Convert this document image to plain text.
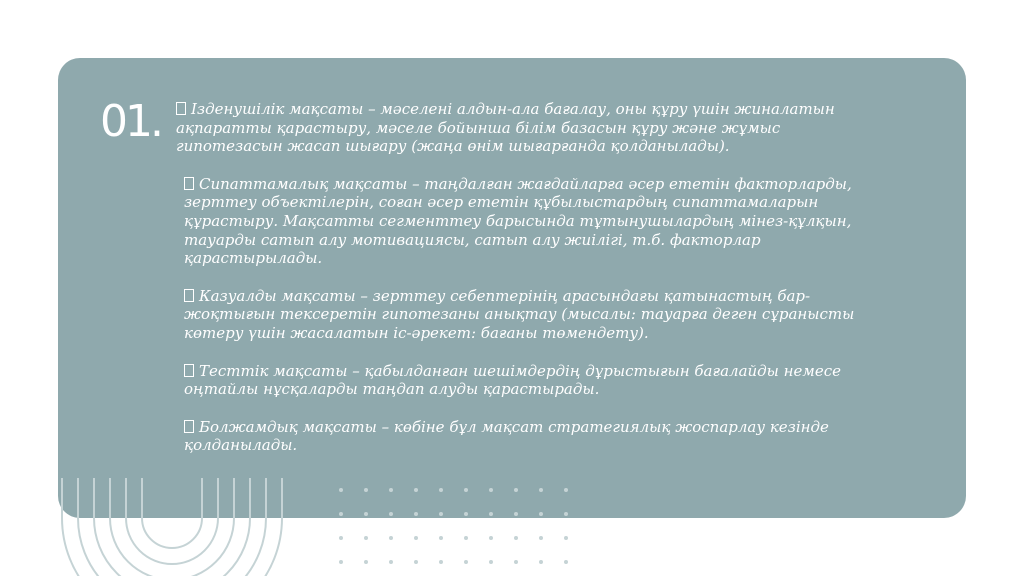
01.	Ізденушілік мақсаты – мәселені алдын-ала бағалау, оны құру үшін жиналатын ақпаратты қарастыру, мәселе бойынша білім базасын құру және жұмыс гипотезасын жасап шығару (жаңа өнім шығарғанда қолданылады).

Сипаттамалық мақсаты – таңдалған жағдайларға әсер ететін факторларды, зерттеу объектілерін, соған әсер ететін құбылыстардың сипаттамаларын құрастыру. Мақсатты сегменттеу барысында тұтынушылардың мінез-құлқын, тауарды сатып алу мотивациясы, сатып алу жиілігі, т.б. факторлар қарастырылады.

Казуалды мақсаты – зерттеу себептерінің арасындағы қатынастың бар-жоқтығын тексеретін гипотезаны анықтау (мысалы: тауарға деген сұранысты көтеру үшін жасалатын іс-әрекет: бағаны төмендету).

Тесттік мақсаты – қабылданған шешімдердің дұрыстығын бағалайды немесе оңтайлы нұсқаларды таңдап алуды қарастырады.

Болжамдық мақсаты – көбіне бұл мақсат стратегиялық жоспарлау кезінде қолданылады.
